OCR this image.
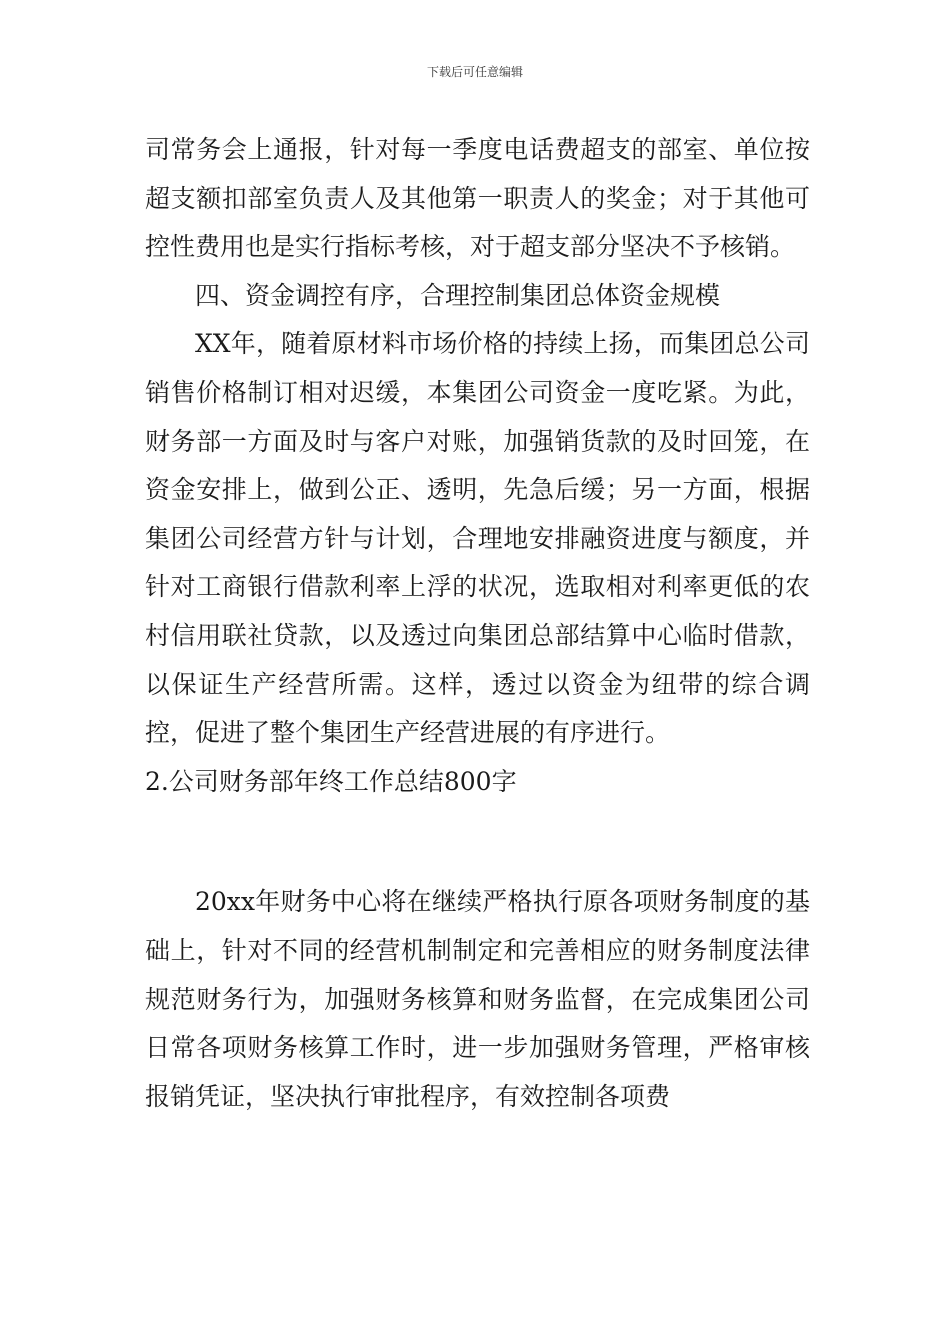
下载后可任意编辑

司常务会上通报，针对每一季度电话费超支的部室、单位按超支额扣部室负责人及其他第一职责人的奖金；对于其他可控性费用也是实行指标考核，对于超支部分坚决不予核销。

四、资金调控有序，合理控制集团总体资金规模

XX年，随着原材料市场价格的持续上扬，而集团总公司销售价格制订相对迟缓，本集团公司资金一度吃紧。为此，财务部一方面及时与客户对账，加强销货款的及时回笼，在资金安排上，做到公正、透明，先急后缓；另一方面，根据集团公司经营方针与计划，合理地安排融资进度与额度，并针对工商银行借款利率上浮的状况，选取相对利率更低的农村信用联社贷款，以及透过向集团总部结算中心临时借款，以保证生产经营所需。这样，透过以资金为纽带的综合调控，促进了整个集团生产经营进展的有序进行。

2.公司财务部年终工作总结800字

20xx年财务中心将在继续严格执行原各项财务制度的基础上，针对不同的经营机制制定和完善相应的财务制度法律规范财务行为，加强财务核算和财务监督，在完成集团公司日常各项财务核算工作时，进一步加强财务管理，严格审核报销凭证，坚决执行审批程序，有效控制各项费
